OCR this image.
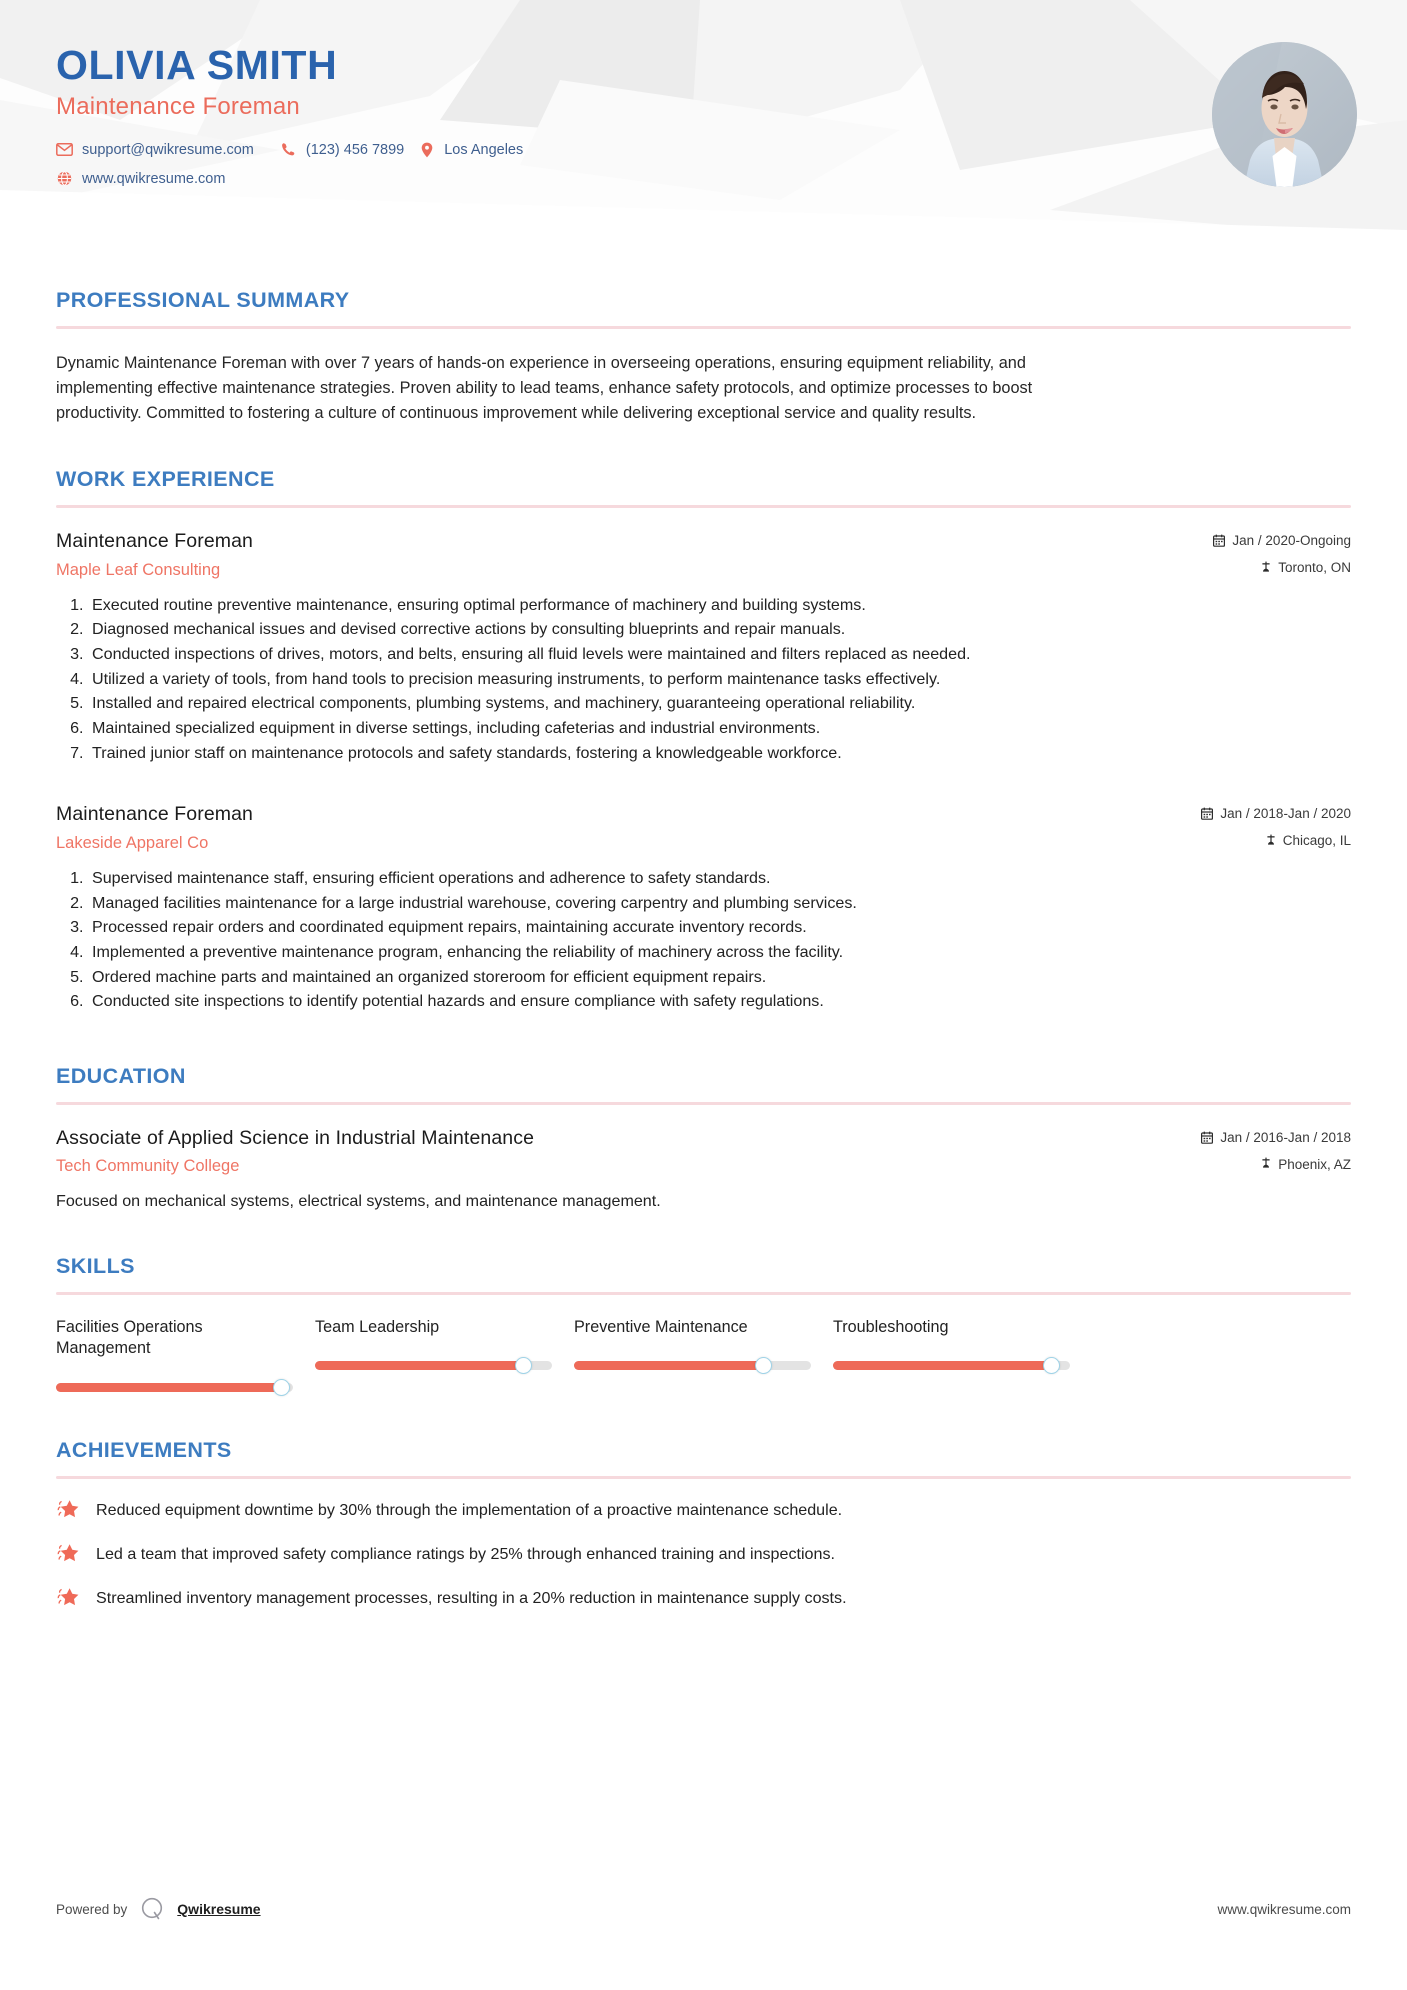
OLIVIA SMITH
Maintenance Foreman
support@qwikresume.com	(123) 456 7899	Los Angeles
www.qwikresume.com
PROFESSIONAL SUMMARY

Dynamic Maintenance Foreman with over 7 years of hands-on experience in overseeing operations, ensuring equipment reliability, and implementing effective maintenance strategies. Proven ability to lead teams, enhance safety protocols, and optimize processes to boost productivity. Committed to fostering a culture of continuous improvement while delivering exceptional service and quality results.

WORK EXPERIENCE
Maintenance Foreman	Jan / 2020-Ongoing
Maple Leaf Consulting	Toronto, ON
1. Executed routine preventive maintenance, ensuring optimal performance of machinery and building systems.
2. Diagnosed mechanical issues and devised corrective actions by consulting blueprints and repair manuals.
3. Conducted inspections of drives, motors, and belts, ensuring all fluid levels were maintained and filters replaced as needed.
4. Utilized a variety of tools, from hand tools to precision measuring instruments, to perform maintenance tasks effectively.
5. Installed and repaired electrical components, plumbing systems, and machinery, guaranteeing operational reliability.
6. Maintained specialized equipment in diverse settings, including cafeterias and industrial environments.
7. Trained junior staff on maintenance protocols and safety standards, fostering a knowledgeable workforce.
Maintenance Foreman	Jan / 2018-Jan / 2020
Lakeside Apparel Co	Chicago, IL
1. Supervised maintenance staff, ensuring efficient operations and adherence to safety standards.
2. Managed facilities maintenance for a large industrial warehouse, covering carpentry and plumbing services.
3. Processed repair orders and coordinated equipment repairs, maintaining accurate inventory records.
4. Implemented a preventive maintenance program, enhancing the reliability of machinery across the facility.
5. Ordered machine parts and maintained an organized storeroom for efficient equipment repairs.
6. Conducted site inspections to identify potential hazards and ensure compliance with safety regulations.
EDUCATION
Associate of Applied Science in Industrial Maintenance	Jan / 2016-Jan / 2018
Tech Community College	Phoenix, AZ
Focused on mechanical systems, electrical systems, and maintenance management.
SKILLS
Facilities Operations Management
Team Leadership	Preventive Maintenance	Troubleshooting
ACHIEVEMENTS
Reduced equipment downtime by 30% through the implementation of a proactive maintenance schedule.
Led a team that improved safety compliance ratings by 25% through enhanced training and inspections.
Streamlined inventory management processes, resulting in a 20% reduction in maintenance supply costs.
Powered by	Qwikresume	www.qwikresume.com
